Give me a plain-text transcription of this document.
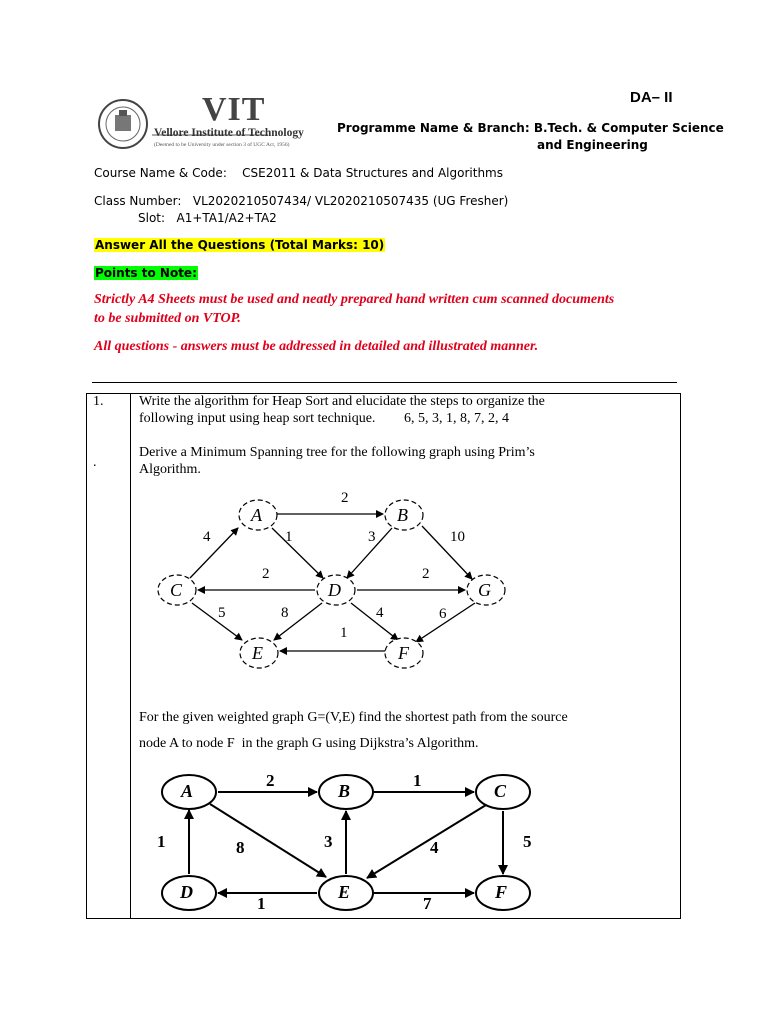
DA– II
VIT
Vellore Institute of Technology
(Deemed to be University under section 3 of UGC Act, 1956)
Programme Name & Branch: B.Tech. & Computer Science
and Engineering
Course Name & Code:    CSE2011 & Data Structures and Algorithms
Class Number:   VL2020210507434/ VL2020210507435 (UG Fresher)
Slot:   A1+TA1/A2+TA2
Answer All the Questions (Total Marks: 10)
Points to Note:
Strictly A4 Sheets must be used and neatly prepared hand written cum scanned documents
to be submitted on VTOP.
All questions - answers must be addressed in detailed and illustrated manner.
1.
.
Write the algorithm for Heap Sort and elucidate the steps to organize the
following input using heap sort technique. 6, 5, 3, 1, 8, 7, 2, 4
Derive a Minimum Spanning tree for the following graph using Prim’s
Algorithm.
A	B
C	D
E	F
G
2
4	1	3	10
2	2
5	8	4	6
1
For the given weighted graph G=(V,E) find the shortest path from the source
node A to node F  in the graph G using Dijkstra’s Algorithm.
A	B	C
D	E	F
2	1
1	8	3	4	5
1	7
